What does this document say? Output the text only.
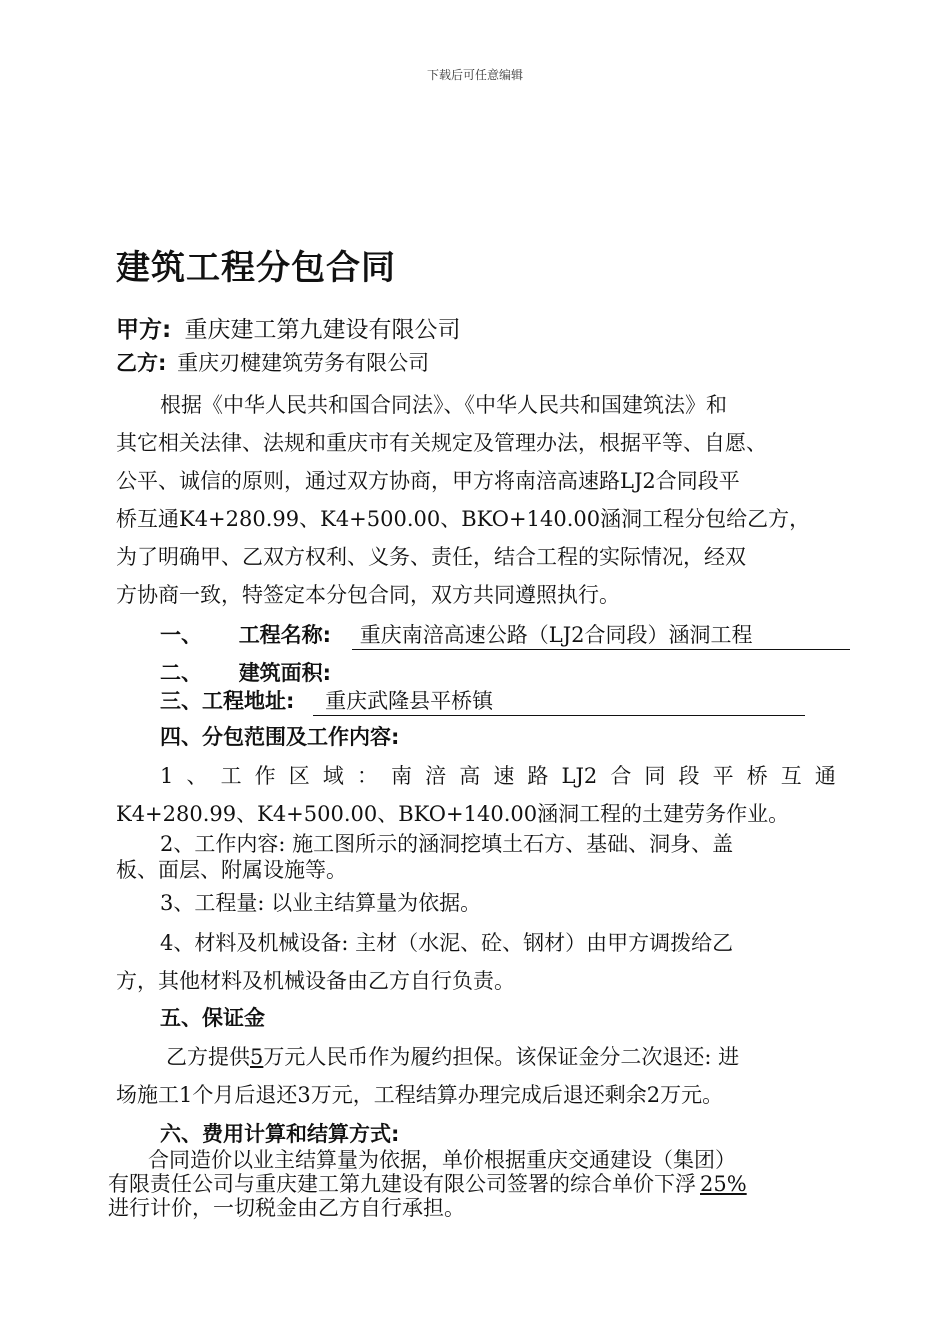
下载后可任意编辑
建筑工程分包合同
甲方: 重庆建工第九建设有限公司
乙方: 重庆刃楗建筑劳务有限公司
根据《中华人民共和国合同法》、《中华人民共和国建筑法》和
其它相关法律、法规和重庆市有关规定及管理办法，根据平等、自愿、
公平、诚信的原则，通过双方协商，甲方将南涪高速路LJ2合同段平
桥互通K4+280.99、K4+500.00、BKO+140.00涵洞工程分包给乙方，
为了明确甲、乙双方权利、义务、责任，结合工程的实际情况，经双
方协商一致，特签定本分包合同，双方共同遵照执行。
一、 工程名称: 重庆南涪高速公路（LJ2合同段）涵洞工程
二、 建筑面积:
三、工程地址: 重庆武隆县平桥镇
四、分包范围及工作内容:
1 、 工 作 区 域 ： 南 涪 高 速 路 LJ2 合 同 段 平 桥 互 通
K4+280.99、K4+500.00、BKO+140.00涵洞工程的土建劳务作业。
2、工作内容: 施工图所示的涵洞挖填土石方、基础、洞身、盖
板、面层、附属设施等。
3、工程量: 以业主结算量为依据。
4、材料及机械设备: 主材（水泥、砼、钢材）由甲方调拨给乙
方，其他材料及机械设备由乙方自行负责。
五、保证金
乙方提供5万元人民币作为履约担保。该保证金分二次退还: 进
场施工1个月后退还3万元，工程结算办理完成后退还剩余2万元。
六、费用计算和结算方式:
合同造价以业主结算量为依据，单价根据重庆交通建设（集团）
有限责任公司与重庆建工第九建设有限公司签署的综合单价下浮 25%
进行计价，一切税金由乙方自行承担。
